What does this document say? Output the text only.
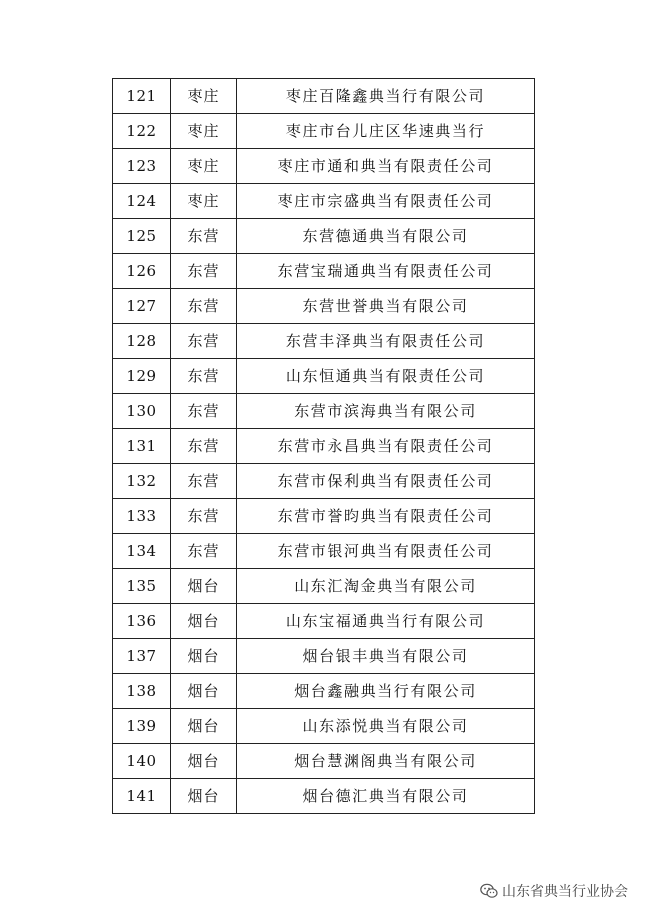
121	枣庄	枣庄百隆鑫典当行有限公司
122	枣庄	枣庄市台儿庄区华速典当行
123	枣庄	枣庄市通和典当有限责任公司
124	枣庄	枣庄市宗盛典当有限责任公司
125	东营	东营德通典当有限公司
126	东营	东营宝瑞通典当有限责任公司
127	东营	东营世誉典当有限公司
128	东营	东营丰泽典当有限责任公司
129	东营	山东恒通典当有限责任公司
130	东营	东营市滨海典当有限公司
131	东营	东营市永昌典当有限责任公司
132	东营	东营市保利典当有限责任公司
133	东营	东营市誉昀典当有限责任公司
134	东营	东营市银河典当有限责任公司
135	烟台	山东汇淘金典当有限公司
136	烟台	山东宝福通典当行有限公司
137	烟台	烟台银丰典当有限公司
138	烟台	烟台鑫融典当行有限公司
139	烟台	山东添悦典当有限公司
140	烟台	烟台慧渊阁典当有限公司
141	烟台	烟台德汇典当有限公司
山东省典当行业协会
